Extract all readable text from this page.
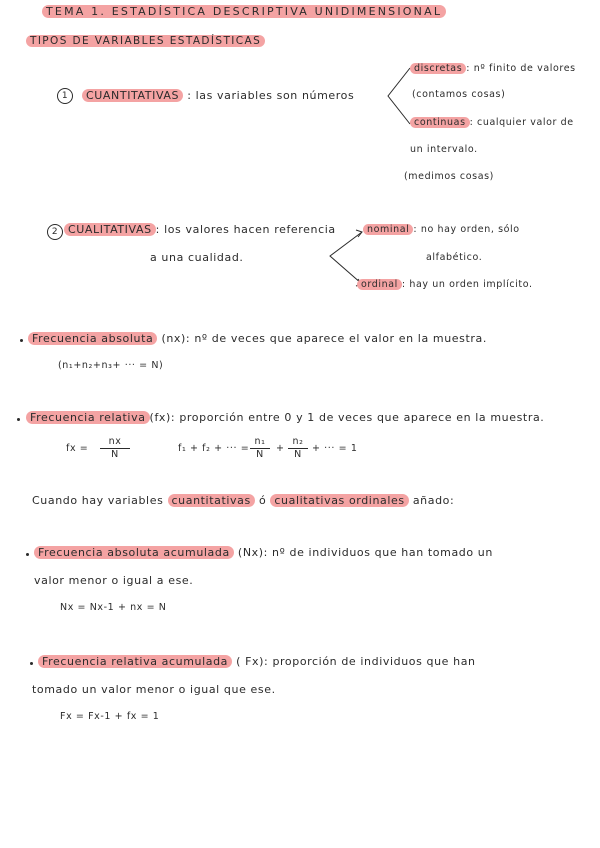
TEMA 1. ESTADÍSTICA DESCRIPTIVA UNIDIMENSIONAL
TIPOS DE VARIABLES ESTADÍSTICAS
1	CUANTITATIVAS : las variables son números
discretas : nº finito de valores
(contamos cosas)
continuas : cualquier valor de
un intervalo.
(medimos cosas)
2 CUALITATIVAS : los valores hacen referencia
a una cualidad.
nominal : no hay orden, sólo
alfabético.
ordinal : hay un orden implícito.
Frecuencia absoluta (nx): nº de veces que aparece el valor en la muestra.
(n₁+n₂+n₃+ ··· = N)
Frecuencia relativa (fx): proporción entre 0 y 1 de veces que aparece en la muestra.
fx = $\frac{nx}{N}$	f₁ + f₂ + ··· = $\frac{\text{n₁}}{N} + \frac{\text{n₂}}{N}$ + ··· = 1
Cuando hay variables cuantitativas ó cualitativas ordinales añado:
Frecuencia absoluta acumulada (Nx): nº de individuos que han tomado un
valor menor o igual a ese.
Nx = Nx-1 + nx = N
Frecuencia relativa acumulada ( Fx): proporción de individuos que han
tomado un valor menor o igual que ese.
Fx = Fx-1 + fx = 1
